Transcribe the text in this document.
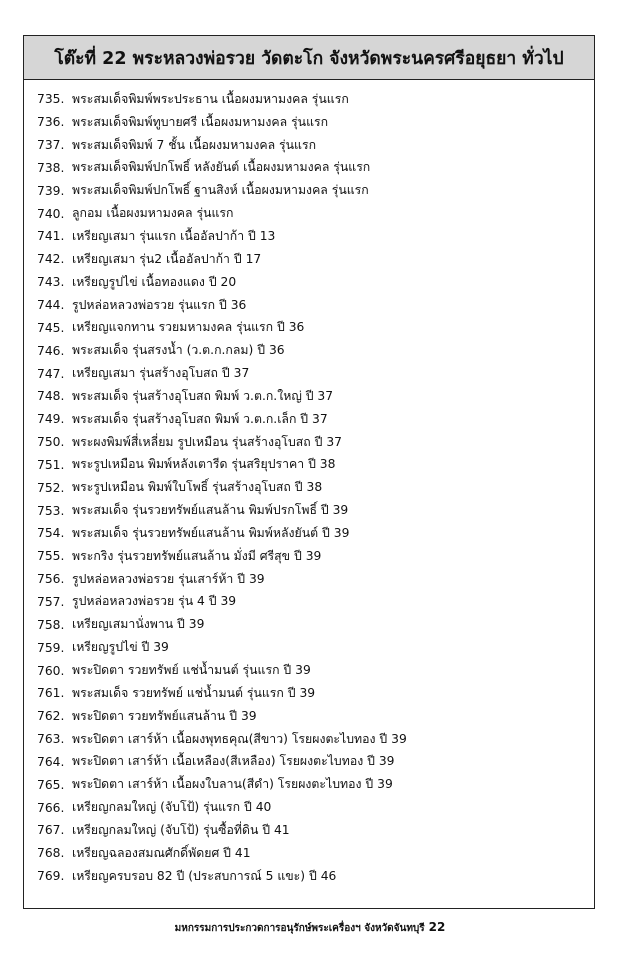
โต๊ะที่ 22 พระหลวงพ่อรวย วัดตะโก จังหวัดพระนครศรีอยุธยา ทั่วไป
735. พระสมเด็จพิมพ์พระประธาน เนื้อผงมหามงคล รุ่นแรก
736. พระสมเด็จพิมพ์ทูบายศรี เนื้อผงมหามงคล รุ่นแรก
737. พระสมเด็จพิมพ์ 7 ชั้น เนื้อผงมหามงคล รุ่นแรก
738. พระสมเด็จพิมพ์ปกโพธิ์ หลังยันต์ เนื้อผงมหามงคล รุ่นแรก
739. พระสมเด็จพิมพ์ปกโพธิ์ ฐานสิงห์ เนื้อผงมหามงคล รุ่นแรก
740. ลูกอม เนื้อผงมหามงคล รุ่นแรก
741. เหรียญเสมา รุ่นแรก เนื้ออัลปาก้า ปี 13
742. เหรียญเสมา รุ่น2 เนื้ออัลปาก้า ปี 17
743. เหรียญรูปไข่ เนื้อทองแดง ปี 20
744. รูปหล่อหลวงพ่อรวย รุ่นแรก ปี 36
745. เหรียญแจกทาน รวยมหามงคล รุ่นแรก ปี 36
746. พระสมเด็จ รุ่นสรงน้ำ (ว.ต.ก.กลม) ปี 36
747. เหรียญเสมา รุ่นสร้างอุโบสถ ปี 37
748. พระสมเด็จ รุ่นสร้างอุโบสถ พิมพ์ ว.ต.ก.ใหญ่ ปี 37
749. พระสมเด็จ รุ่นสร้างอุโบสถ พิมพ์ ว.ต.ก.เล็ก ปี 37
750. พระผงพิมพ์สี่เหลี่ยม รูปเหมือน รุ่นสร้างอุโบสถ ปี 37
751. พระรูปเหมือน พิมพ์หลังเตารีด รุ่นสริยุปราคา ปี 38
752. พระรูปเหมือน พิมพ์ใบโพธิ์ รุ่นสร้างอุโบสถ ปี 38
753. พระสมเด็จ รุ่นรวยทรัพย์แสนล้าน พิมพ์ปรกโพธิ์ ปี 39
754. พระสมเด็จ รุ่นรวยทรัพย์แสนล้าน พิมพ์หลังยันต์ ปี 39
755. พระกริง รุ่นรวยทรัพย์แสนล้าน มั่งมี ศรีสุข ปี 39
756. รูปหล่อหลวงพ่อรวย รุ่นเสาร์ห้า ปี 39
757. รูปหล่อหลวงพ่อรวย รุ่น 4 ปี 39
758. เหรียญเสมานั่งพาน ปี 39
759. เหรียญรูปไข่ ปี 39
760. พระปิดตา รวยทรัพย์ แช่น้ำมนต์ รุ่นแรก ปี 39
761. พระสมเด็จ รวยทรัพย์ แช่น้ำมนต์ รุ่นแรก ปี 39
762. พระปิดตา รวยทรัพย์แสนล้าน ปี 39
763. พระปิดตา เสาร์ห้า เนื้อผงพุทธคุณ(สีขาว) โรยผงตะไบทอง ปี 39
764. พระปิดตา เสาร์ห้า เนื้อเหลือง(สีเหลือง) โรยผงตะไบทอง ปี 39
765. พระปิดตา เสาร์ห้า เนื้อผงใบลาน(สีดำ) โรยผงตะไบทอง ปี 39
766. เหรียญกลมใหญ่ (จับโป้) รุ่นแรก ปี 40
767. เหรียญกลมใหญ่ (จับโป้) รุ่นซื้อที่ดิน ปี 41
768. เหรียญฉลองสมณศักดิ์พัดยศ ปี 41
769. เหรียญครบรอบ 82 ปี (ประสบการณ์ 5 แขะ) ปี 46
มหกรรมการประกวดการอนุรักษ์พระเครื่องฯ จังหวัดจันทบุรี 22
